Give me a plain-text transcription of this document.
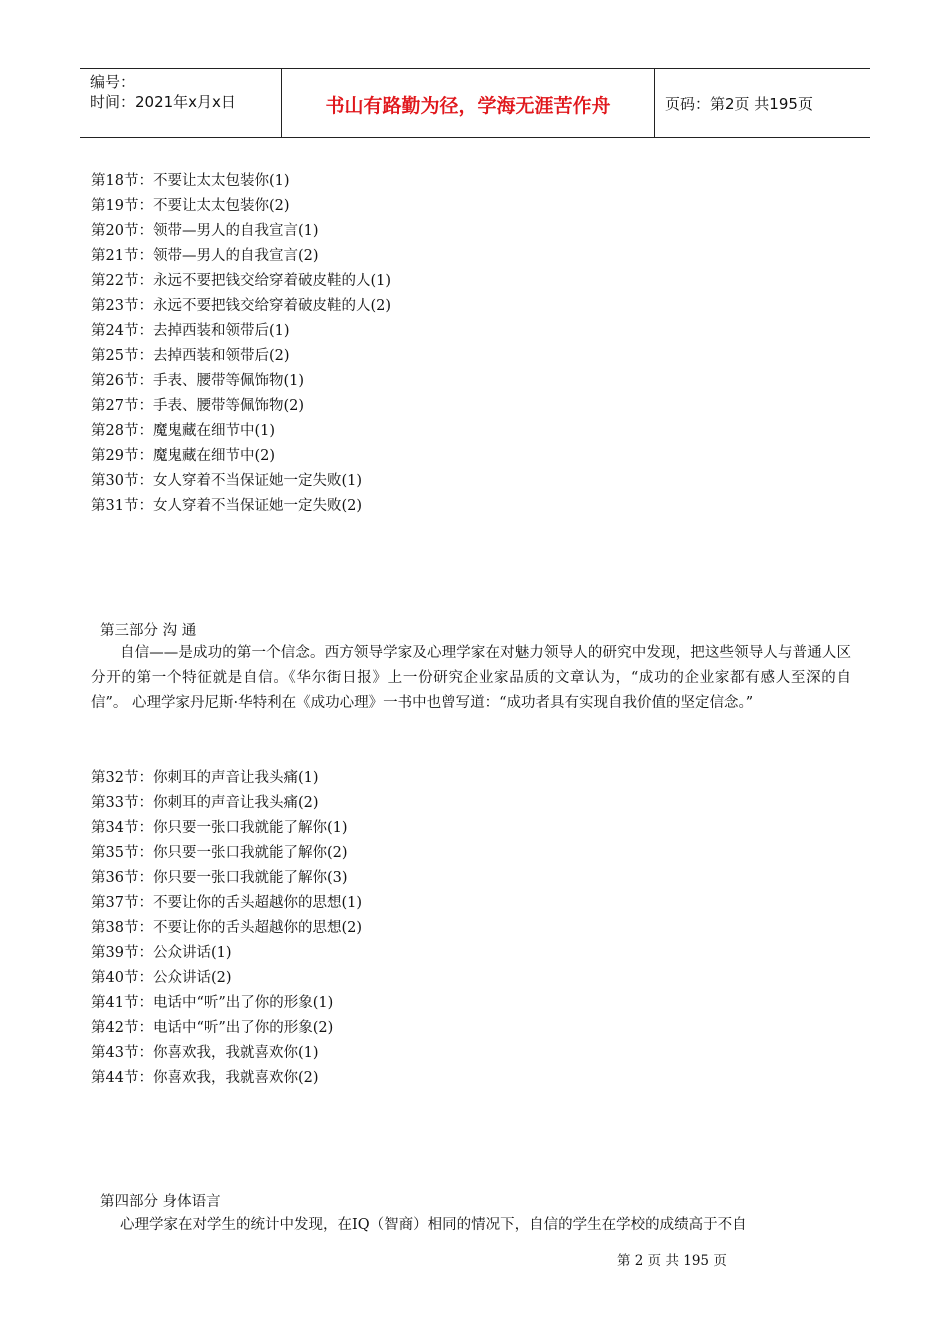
编号：
时间：2021年x月x日	书山有路勤为径，学海无涯苦作舟	页码：第2页 共195页
第18节：不要让太太包装你(1)
第19节：不要让太太包装你(2)
第20节：领带—男人的自我宣言(1)
第21节：领带—男人的自我宣言(2)
第22节：永远不要把钱交给穿着破皮鞋的人(1)
第23节：永远不要把钱交给穿着破皮鞋的人(2)
第24节：去掉西装和领带后(1)
第25节：去掉西装和领带后(2)
第26节：手表、腰带等佩饰物(1)
第27节：手表、腰带等佩饰物(2)
第28节：魔鬼藏在细节中(1)
第29节：魔鬼藏在细节中(2)
第30节：女人穿着不当保证她一定失败(1)
第31节：女人穿着不当保证她一定失败(2)
第三部分 沟 通

自信——是成功的第一个信念。西方领导学家及心理学家在对魅力领导人的研究中发现，把这些领导人与普通人区分开的第一个特征就是自信。《华尔街日报》上一份研究企业家品质的文章认为，“成功的企业家都有感人至深的自信”。 心理学家丹尼斯·华特利在《成功心理》一书中也曾写道：“成功者具有实现自我价值的坚定信念。”

第32节：你刺耳的声音让我头痛(1)
第33节：你刺耳的声音让我头痛(2)
第34节：你只要一张口我就能了解你(1)
第35节：你只要一张口我就能了解你(2)
第36节：你只要一张口我就能了解你(3)
第37节：不要让你的舌头超越你的思想(1)
第38节：不要让你的舌头超越你的思想(2)
第39节：公众讲话(1)
第40节：公众讲话(2)
第41节：电话中“听”出了你的形象(1)
第42节：电话中“听”出了你的形象(2)
第43节：你喜欢我，我就喜欢你(1)
第44节：你喜欢我，我就喜欢你(2)
第四部分 身体语言

心理学家在对学生的统计中发现，在IQ（智商）相同的情况下，自信的学生在学校的成绩高于不自

第 2 页 共 195 页
